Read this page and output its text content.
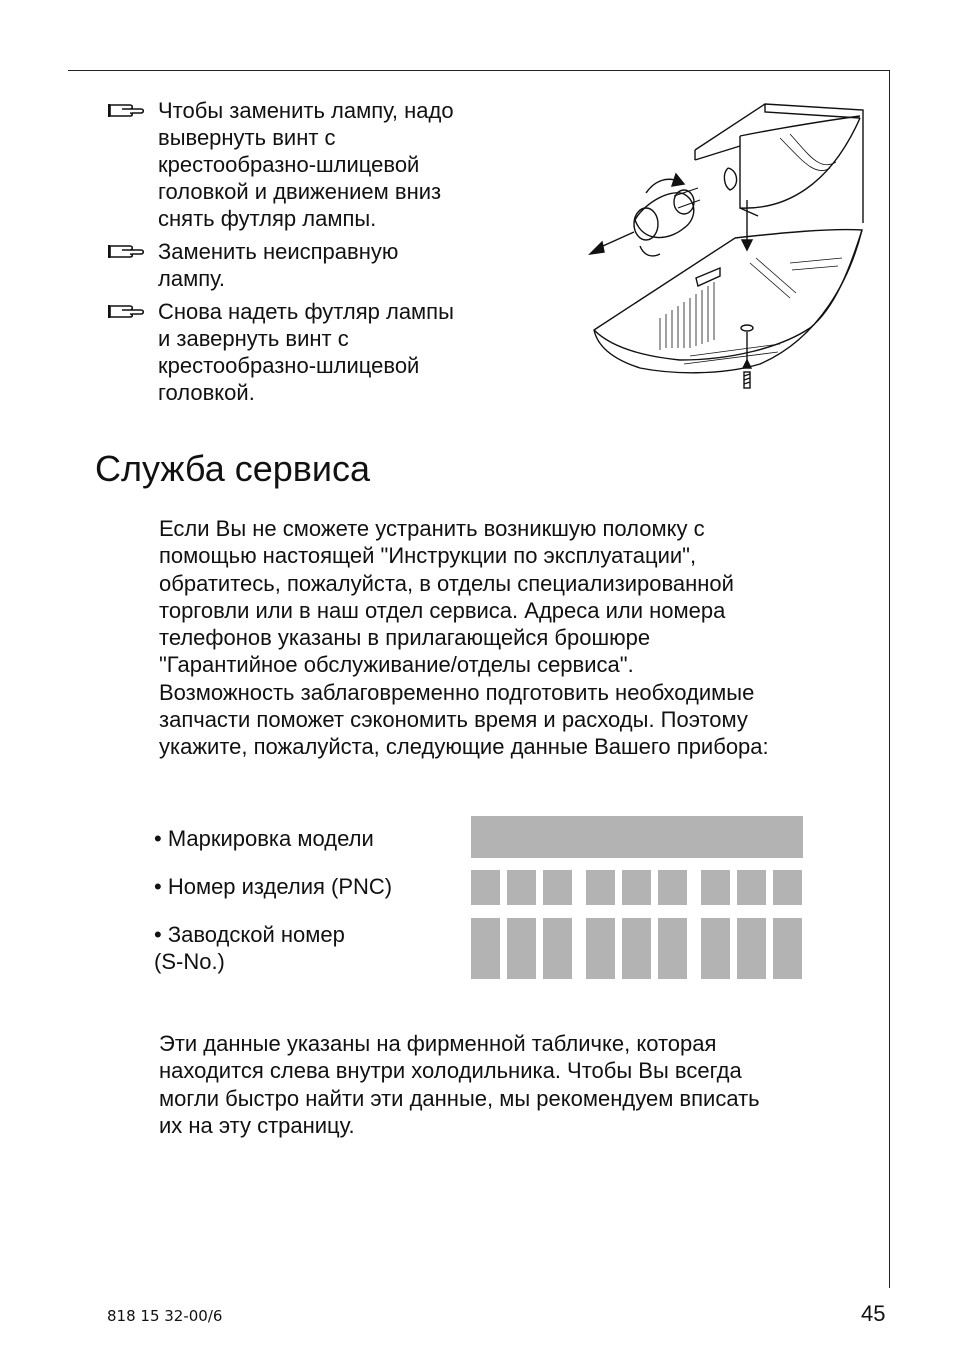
Чтобы заменить лампу, надо
вывернуть винт с
крестообразно-шлицевой
головкой и движением вниз
снять футляр лампы.
Заменить неисправную
лампу.
Снова надеть футляр лампы
и завернуть винт с
крестообразно-шлицевой
головкой.
Служба сервиса

Если Вы не сможете устранить возникшую поломку с
помощью настоящей "Инструкции по эксплуатации",
обратитесь, пожалуйста, в отделы специализированной
торговли или в наш отдел сервиса. Адреса или номера
телефонов указаны в прилагающейся брошюре
"Гарантийное обслуживание/отделы сервиса".
Возможность заблаговременно подготовить необходимые
запчасти поможет сэкономить время и расходы. Поэтому
укажите, пожалуйста, следующие данные Вашего прибора:

• Маркировка модели
• Номер изделия (PNC)
• Заводской номер
(S-No.)

Эти данные указаны на фирменной табличке, которая
находится слева внутри холодильника. Чтобы Вы всегда
могли быстро найти эти данные, мы рекомендуем вписать
их на эту страницу.

818 15 32-00/6	45
